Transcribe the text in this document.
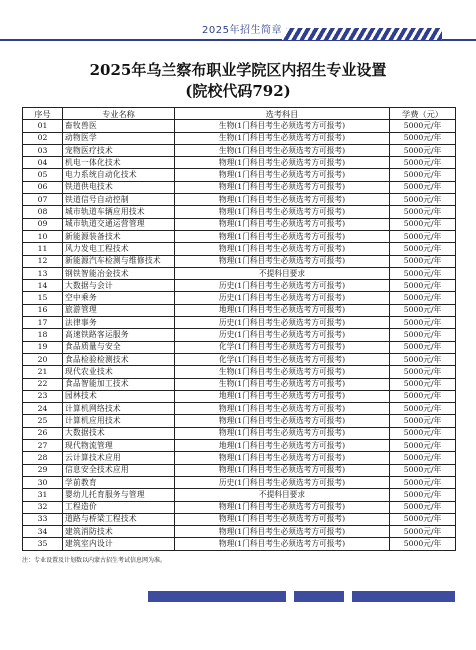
2025年招生简章
2025年乌兰察布职业学院区内招生专业设置
(院校代码792)
序号	专业名称	选考科目	学费（元）
01	畜牧兽医	生物(1门科目考生必须选考方可报考)	5000元/年
02	动物医学	生物(1门科目考生必须选考方可报考)	5000元/年
03	宠物医疗技术	生物(1门科目考生必须选考方可报考)	5000元/年
04	机电一体化技术	物理(1门科目考生必须选考方可报考)	5000元/年
05	电力系统自动化技术	物理(1门科目考生必须选考方可报考)	5000元/年
06	铁道供电技术	物理(1门科目考生必须选考方可报考)	5000元/年
07	铁道信号自动控制	物理(1门科目考生必须选考方可报考)	5000元/年
08	城市轨道车辆应用技术	物理(1门科目考生必须选考方可报考)	5000元/年
09	城市轨道交通运营管理	物理(1门科目考生必须选考方可报考)	5000元/年
10	新能源装备技术	物理(1门科目考生必须选考方可报考)	5000元/年
11	风力发电工程技术	物理(1门科目考生必须选考方可报考)	5000元/年
12	新能源汽车检测与维修技术	物理(1门科目考生必须选考方可报考)	5000元/年
13	钢铁智能冶金技术	不提科目要求	5000元/年
14	大数据与会计	历史(1门科目考生必须选考方可报考)	5000元/年
15	空中乘务	历史(1门科目考生必须选考方可报考)	5000元/年
16	旅游管理	地理(1门科目考生必须选考方可报考)	5000元/年
17	法律事务	历史(1门科目考生必须选考方可报考)	5000元/年
18	高速铁路客运服务	历史(1门科目考生必须选考方可报考)	5000元/年
19	食品质量与安全	化学(1门科目考生必须选考方可报考)	5000元/年
20	食品检验检测技术	化学(1门科目考生必须选考方可报考)	5000元/年
21	现代农业技术	生物(1门科目考生必须选考方可报考)	5000元/年
22	食品智能加工技术	生物(1门科目考生必须选考方可报考)	5000元/年
23	园林技术	地理(1门科目考生必须选考方可报考)	5000元/年
24	计算机网络技术	物理(1门科目考生必须选考方可报考)	5000元/年
25	计算机应用技术	物理(1门科目考生必须选考方可报考)	5000元/年
26	大数据技术	物理(1门科目考生必须选考方可报考)	5000元/年
27	现代物流管理	地理(1门科目考生必须选考方可报考)	5000元/年
28	云计算技术应用	物理(1门科目考生必须选考方可报考)	5000元/年
29	信息安全技术应用	物理(1门科目考生必须选考方可报考)	5000元/年
30	学前教育	历史(1门科目考生必须选考方可报考)	5000元/年
31	婴幼儿托育服务与管理	不提科目要求	5000元/年
32	工程造价	物理(1门科目考生必须选考方可报考)	5000元/年
33	道路与桥梁工程技术	物理(1门科目考生必须选考方可报考)	5000元/年
34	建筑消防技术	物理(1门科目考生必须选考方可报考)	5000元/年
35	建筑室内设计	物理(1门科目考生必须选考方可报考)	5000元/年
注：专业设置及计划数以内蒙古招生考试信息网为准。
